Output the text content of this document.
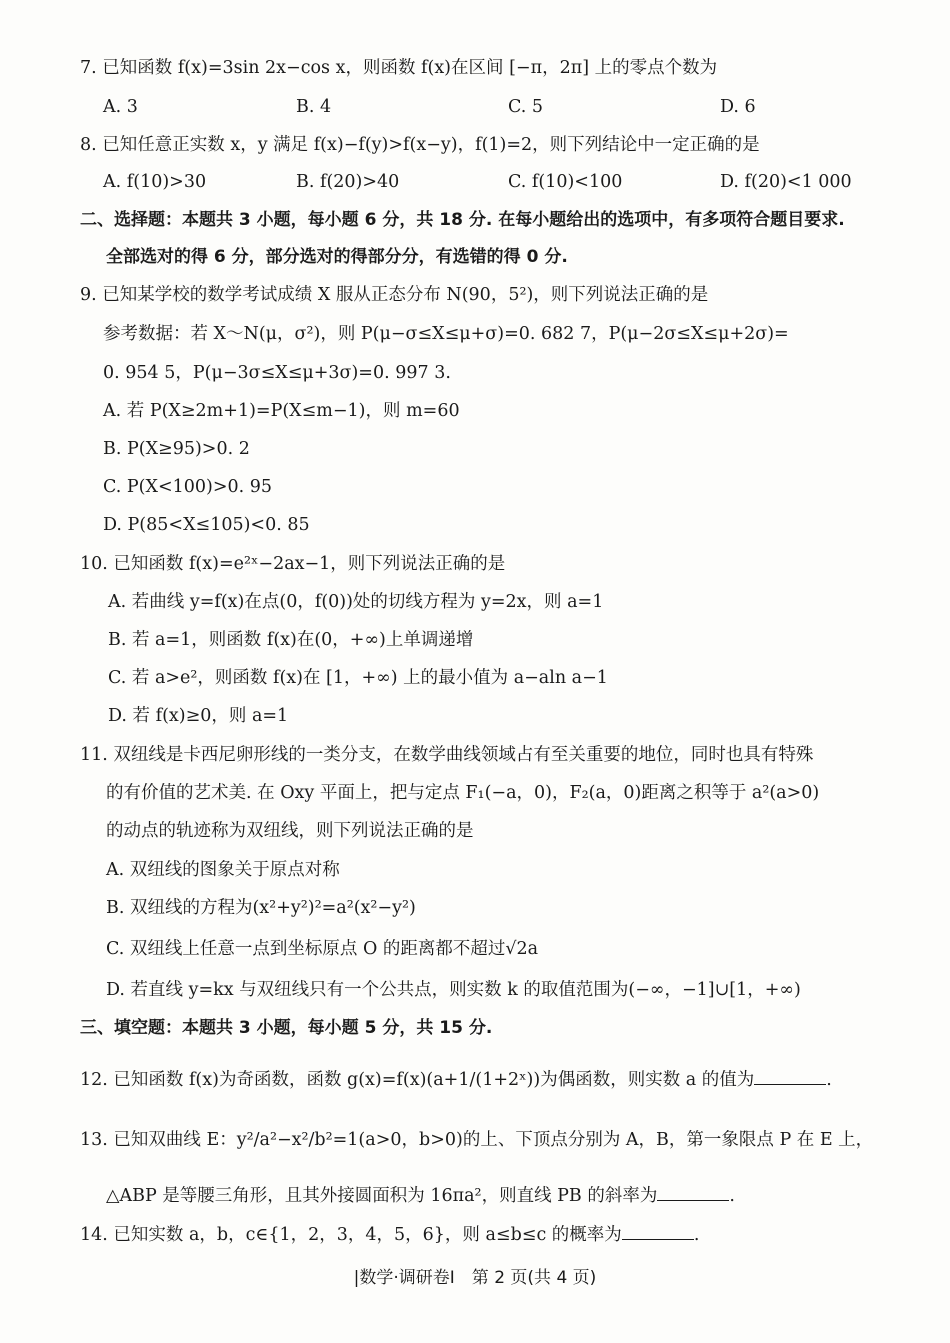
7. 已知函数 f(x)=3sin 2x−cos x，则函数 f(x)在区间 [−π，2π] 上的零点个数为
A. 3	B. 4	C. 5	D. 6
8. 已知任意正实数 x，y 满足 f(x)−f(y)>f(x−y)，f(1)=2，则下列结论中一定正确的是
A. f(10)>30	B. f(20)>40	C. f(10)<100	D. f(20)<1 000
二、选择题：本题共 3 小题，每小题 6 分，共 18 分. 在每小题给出的选项中，有多项符合题目要求.
全部选对的得 6 分，部分选对的得部分分，有选错的得 0 分.
9. 已知某学校的数学考试成绩 X 服从正态分布 N(90，5²)，则下列说法正确的是
参考数据：若 X～N(μ，σ²)，则 P(μ−σ≤X≤μ+σ)=0. 682 7，P(μ−2σ≤X≤μ+2σ)=
0. 954 5，P(μ−3σ≤X≤μ+3σ)=0. 997 3.
A. 若 P(X≥2m+1)=P(X≤m−1)，则 m=60
B. P(X≥95)>0. 2
C. P(X<100)>0. 95
D. P(85<X≤105)<0. 85
10. 已知函数 f(x)=e²ˣ−2ax−1，则下列说法正确的是
A. 若曲线 y=f(x)在点(0，f(0))处的切线方程为 y=2x，则 a=1
B. 若 a=1，则函数 f(x)在(0，+∞)上单调递增
C. 若 a>e²，则函数 f(x)在 [1，+∞) 上的最小值为 a−aln a−1
D. 若 f(x)≥0，则 a=1
11. 双纽线是卡西尼卵形线的一类分支，在数学曲线领域占有至关重要的地位，同时也具有特殊
的有价值的艺术美. 在 Oxy 平面上，把与定点 F₁(−a，0)，F₂(a，0)距离之积等于 a²(a>0)
的动点的轨迹称为双纽线，则下列说法正确的是
A. 双纽线的图象关于原点对称
B. 双纽线的方程为(x²+y²)²=a²(x²−y²)
C. 双纽线上任意一点到坐标原点 O 的距离都不超过√2a
D. 若直线 y=kx 与双纽线只有一个公共点，则实数 k 的取值范围为(−∞，−1]∪[1，+∞)
三、填空题：本题共 3 小题，每小题 5 分，共 15 分.
12. 已知函数 f(x)为奇函数，函数 g(x)=f(x)(a+1/(1+2ˣ))为偶函数，则实数 a 的值为	.
13. 已知双曲线 E：y²/a²−x²/b²=1(a>0，b>0)的上、下顶点分别为 A，B，第一象限点 P 在 E 上，
△ABP 是等腰三角形，且其外接圆面积为 16πa²，则直线 PB 的斜率为	.
14. 已知实数 a，b，c∈{1，2，3，4，5，6}，则 a≤b≤c 的概率为	.
|数学·调研卷Ⅰ　第 2 页(共 4 页)
